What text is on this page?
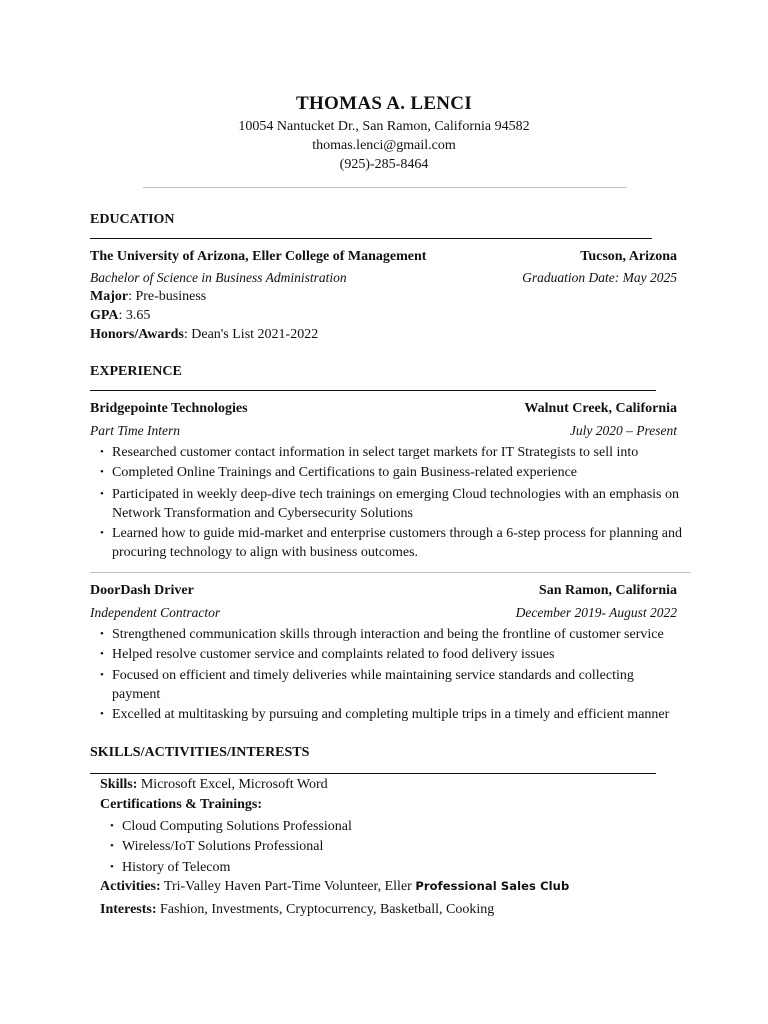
THOMAS A. LENCI
10054 Nantucket Dr., San Ramon, California 94582
thomas.lenci@gmail.com
(925)-285-8464
EDUCATION
The University of Arizona, Eller College of Management	Tucson, Arizona
Bachelor of Science in Business Administration	Graduation Date: May 2025
Major: Pre-business
GPA: 3.65
Honors/Awards: Dean's List 2021-2022
EXPERIENCE
Bridgepointe Technologies	Walnut Creek, California
Part Time Intern	July 2020 – Present
• Researched customer contact information in select target markets for IT Strategists to sell into
• Completed Online Trainings and Certifications to gain Business-related experience
• Participated in weekly deep-dive tech trainings on emerging Cloud technologies with an emphasis on Network Transformation and Cybersecurity Solutions
• Learned how to guide mid-market and enterprise customers through a 6-step process for planning and procuring technology to align with business outcomes.
DoorDash Driver	San Ramon, California
Independent Contractor	December 2019- August 2022
• Strengthened communication skills through interaction and being the frontline of customer service
• Helped resolve customer service and complaints related to food delivery issues
• Focused on efficient and timely deliveries while maintaining service standards and collecting payment
• Excelled at multitasking by pursuing and completing multiple trips in a timely and efficient manner
SKILLS/ACTIVITIES/INTERESTS
Skills: Microsoft Excel, Microsoft Word
Certifications & Trainings:
• Cloud Computing Solutions Professional
• Wireless/IoT Solutions Professional
• History of Telecom
Activities: Tri-Valley Haven Part-Time Volunteer, Eller Professional Sales Club
Interests: Fashion, Investments, Cryptocurrency, Basketball, Cooking
